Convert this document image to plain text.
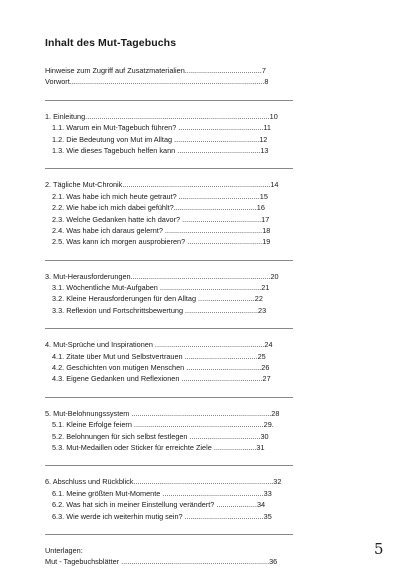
Inhalt des Mut-Tagebuchs
Hinweise zum Zugriff auf Zusatzmaterialien......................................7
Vorwort................................................................................................8
1. Einleitung...........................................................................................10
1.1. Warum ein Mut-Tagebuch führen? ..........................................11
1.2. Die Bedeutung von Mut im Alltag ..........................................12
1.3. Wie dieses Tagebuch helfen kann .........................................13
2. Tägliche Mut-Chronik.........................................................................14
2.1. Was habe ich mich heute getraut? ........................................15
2.2. Wie habe ich mich dabei gefühlt?.........................................16
2.3. Welche Gedanken hatte ich davor? .......................................17
2.4. Was habe ich daraus gelernt? ................................................18
2.5. Was kann ich morgen ausprobieren? .....................................19
3. Mut-Herausforderungen.....................................................................20
3.1. Wöchentliche Mut-Aufgaben ..................................................21
3.2. Kleine Herausforderungen für den Alltag ............................22
3.3. Reflexion und Fortschrittsbewertung ....................................23
4. Mut-Sprüche und Inspirationen ......................................................24
4.1. Zitate über Mut und Selbstvertrauen ....................................25
4.2. Geschichten von mutigen Menschen .....................................26
4.3. Eigene Gedanken und Reflexionen ........................................27
5. Mut-Belohnungssystem .....................................................................28
5.1. Kleine Erfolge feiern ................................................................29.
5.2. Belohnungen für sich selbst festlegen ...................................30
5.3. Mut-Medaillen oder Sticker für erreichte Ziele .....................31
6. Abschluss und Rückblick.....................................................................32
6.1. Meine größten Mut-Momente ..................................................33
6.2. Was hat sich in meiner Einstellung verändert? ....................34
6.3. Wie werde ich weiterhin mutig sein? .......................................35
Unterlagen:
Mut - Tagebuchsblätter .........................................................................36
5
